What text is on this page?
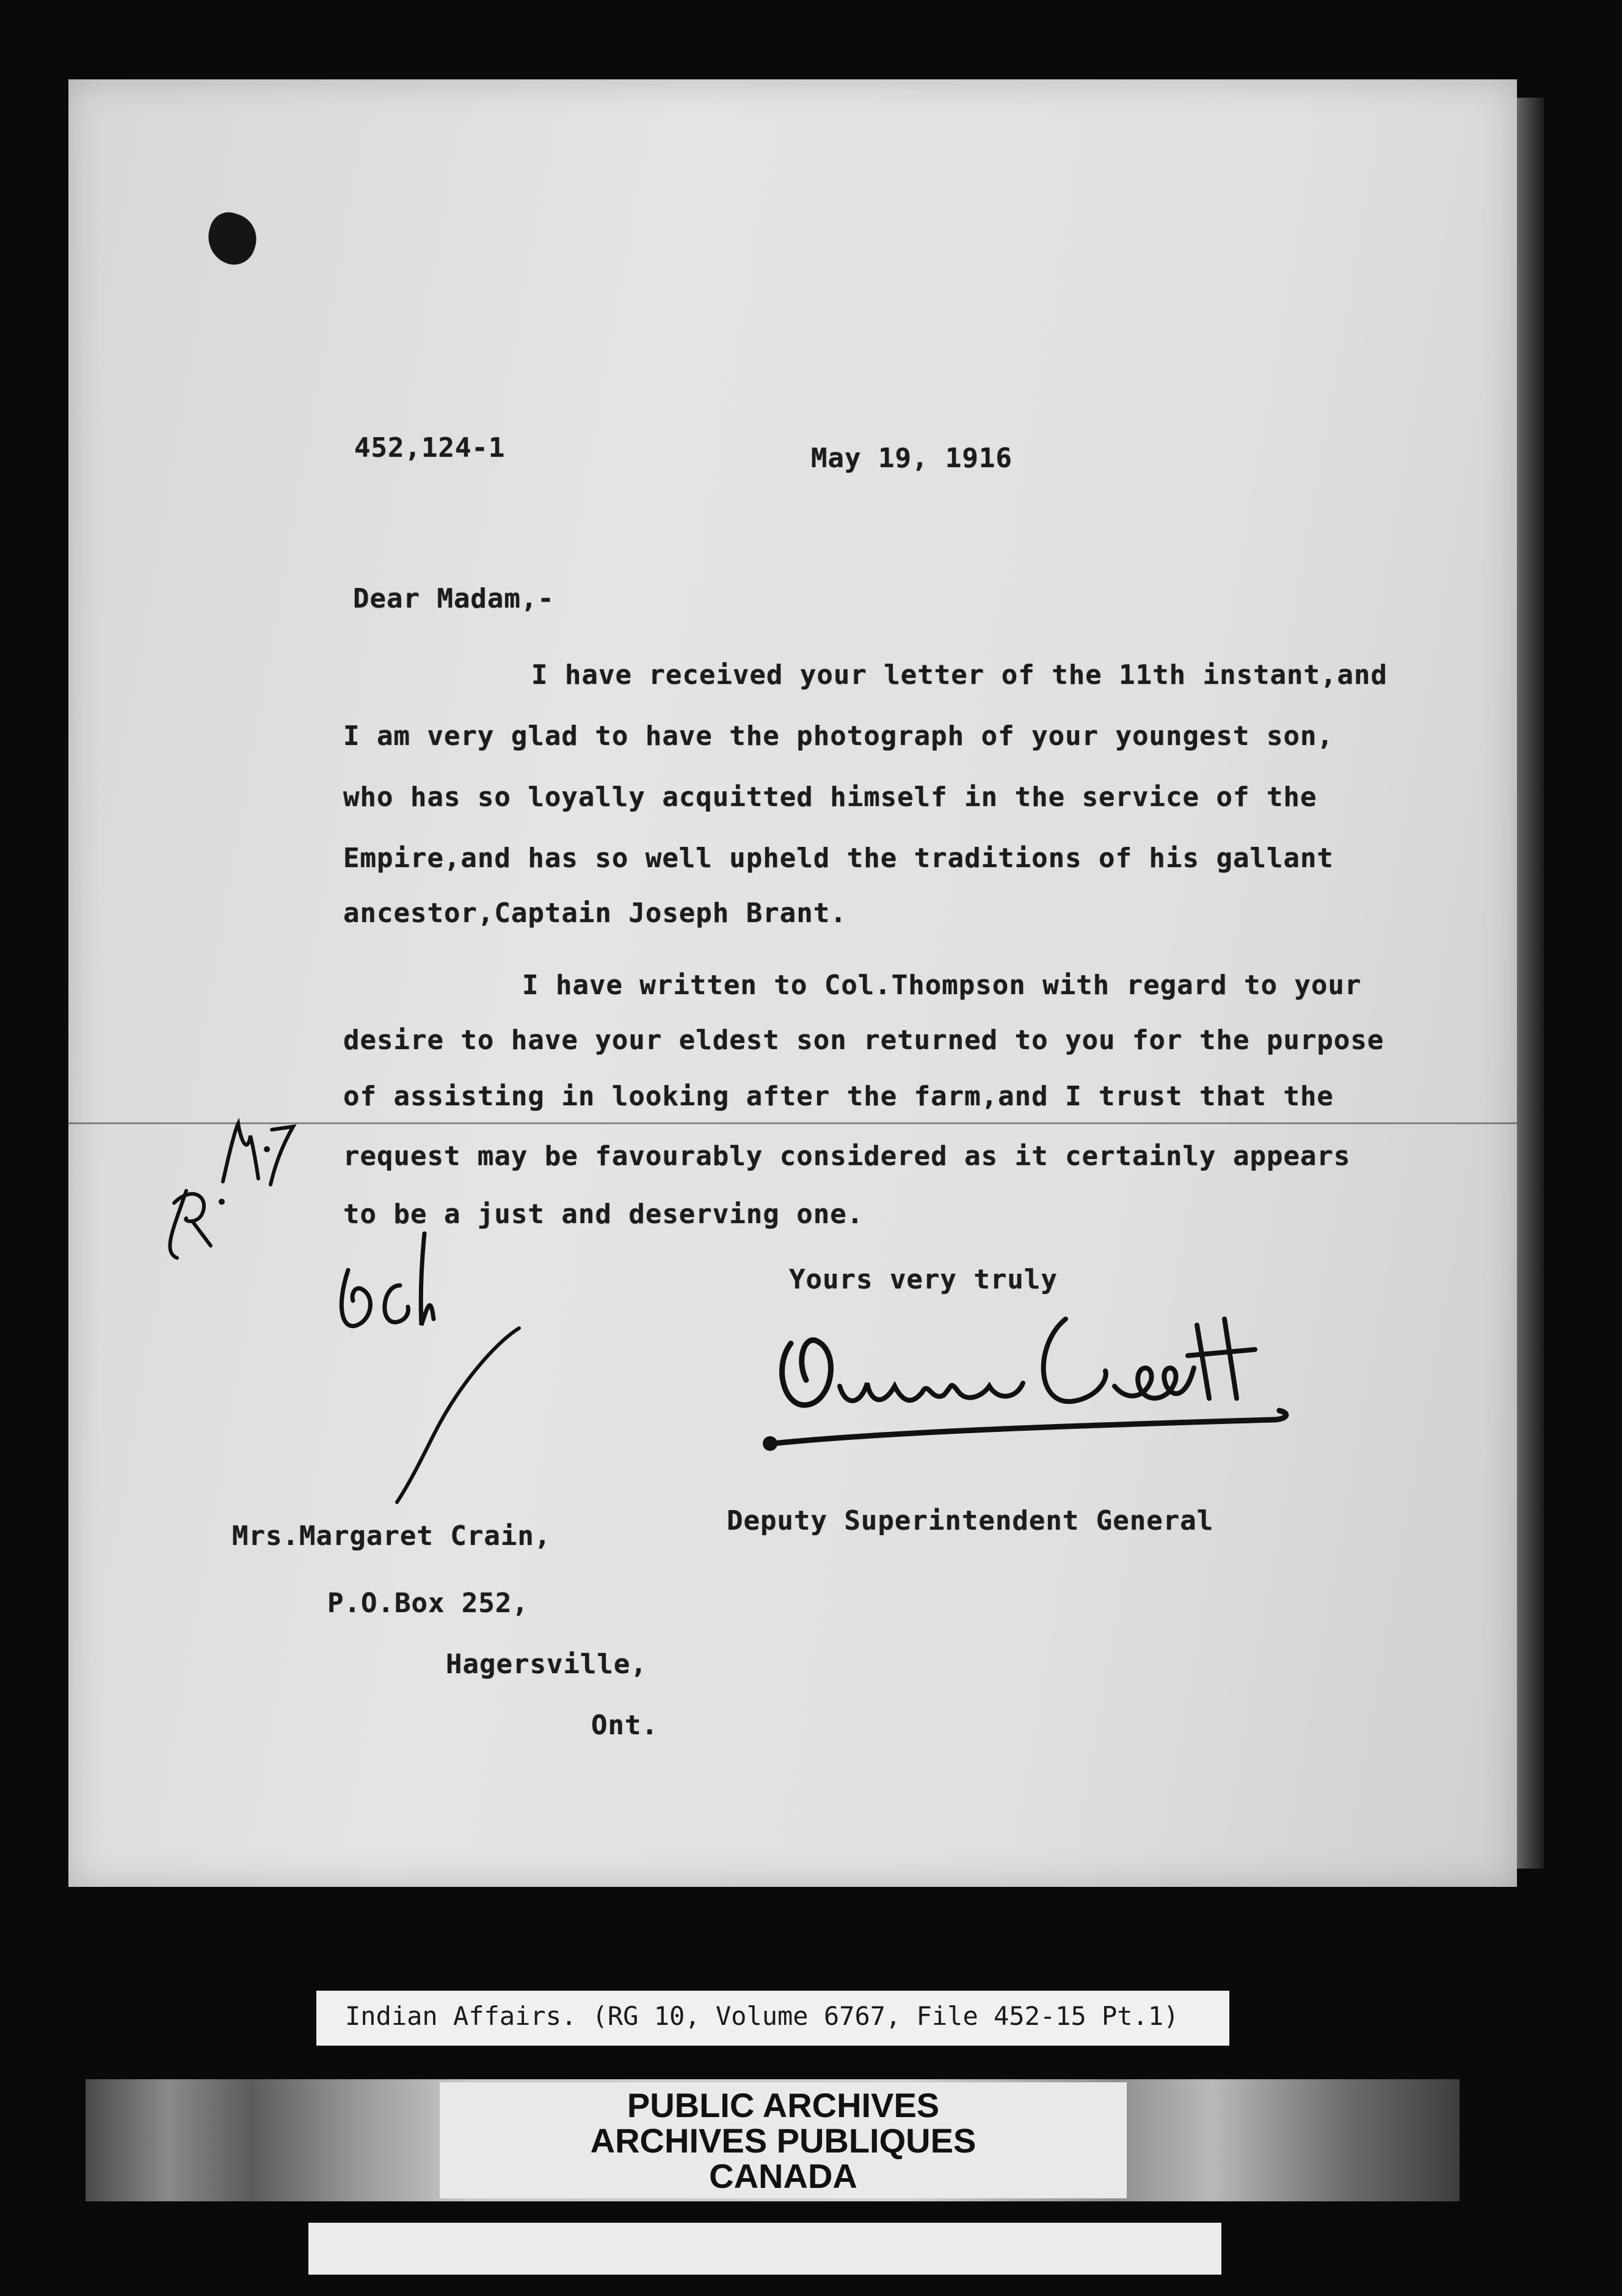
452,124-1	May 19, 1916
Dear Madam,-
I have received your letter of the 11th instant,and
I am very glad to have the photograph of your youngest son,
who has so loyally acquitted himself in the service of the
Empire,and has so well upheld the traditions of his gallant
ancestor,Captain Joseph Brant.
I have written to Col.Thompson with regard to your
desire to have your eldest son returned to you for the purpose
of assisting in looking after the farm,and I trust that the
request may be favourably considered as it certainly appears
to be a just and deserving one.
Yours very truly
Deputy Superintendent General
Mrs.Margaret Crain,
P.O.Box 252,
Hagersville,
Ont.
Indian Affairs. (RG 10, Volume 6767, File 452-15 Pt.1)
PUBLIC ARCHIVES
ARCHIVES PUBLIQUES
CANADA
